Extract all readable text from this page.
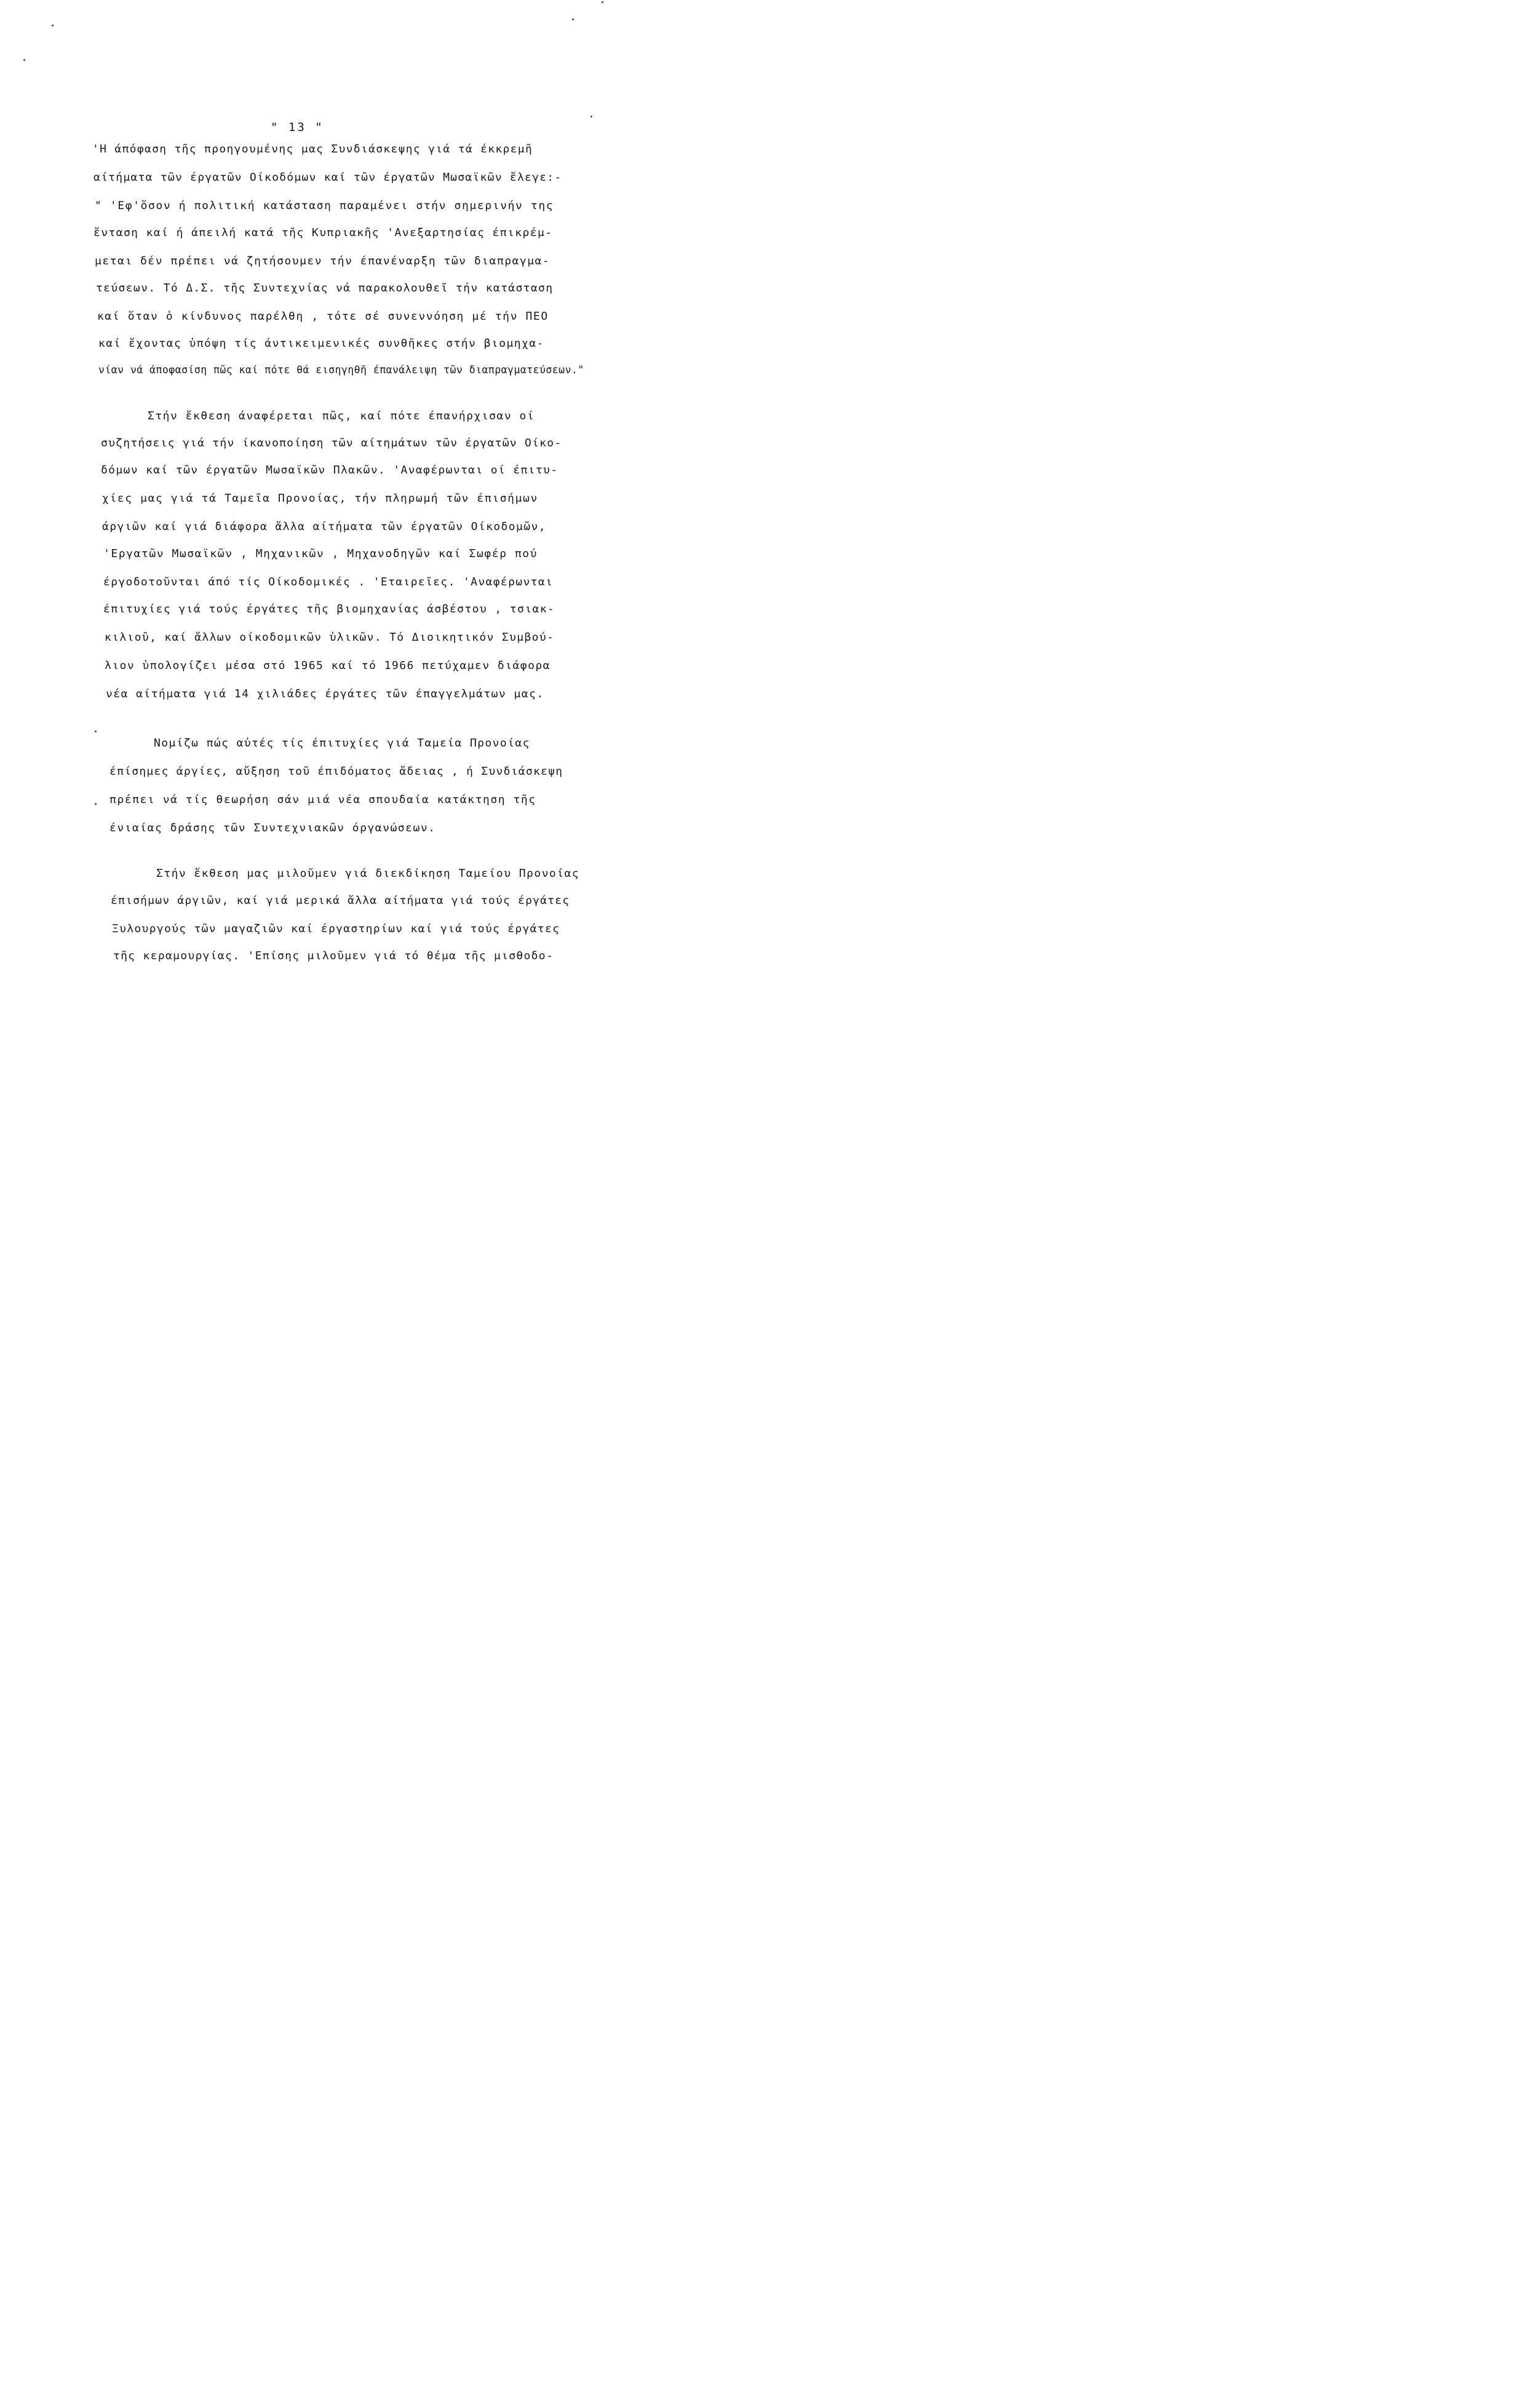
" 13 "
'Η άπόφαση τῆς προηγουμένης μας Συνδιάσκεψης γιά τά έκκρεμῆ
αίτήματα τῶν έργατῶν Οίκοδόμων καί τῶν έργατῶν Μωσαϊκῶν ἔλεγε:-
" 'Εφ'ὄσον ή πολιτική κατάσταση παραμένει στήν σημερινήν της
ἔνταση καί ή άπειλή κατά τῆς Κυπριακῆς 'Ανεξαρτησίας έπικρέμ-
μεται δέν πρέπει νά ζητήσουμεν τήν έπανέναρξη τῶν διαπραγμα-
τεύσεων. Τό Δ.Σ. τῆς Συντεχνίας νά παρακολουθεῖ τήν κατάσταση
καί ὅταν ὁ κίνδυνος παρέλθη , τότε σέ συνεννόηση μέ τήν ΠΕΟ
καί ἔχοντας ὑπόψη τίς άντικειμενικές συνθῆκες στήν βιομηχα-
νίαν νά άποφασίση πῶς καί πότε θά εισηγηθῆ έπανάλειψη τῶν διαπραγματεύσεων."
Στήν ἔκθεση άναφέρεται πῶς, καί πότε έπανήρχισαν οί
συζητήσεις γιά τήν ίκανοποίηση τῶν αίτημάτων τῶν έργατῶν Οίκο-
δόμων καί τῶν έργατῶν Μωσαϊκῶν Πλακῶν. 'Αναφέρωνται οί έπιτυ-
χίες μας γιά τά Ταμεῖα Προνοίας, τήν πληρωμή τῶν έπισήμων
άργιῶν καί γιά διάφορα ἄλλα αίτήματα τῶν έργατῶν Οίκοδομῶν,
'Εργατῶν Μωσαϊκῶν , Μηχανικῶν , Μηχανοδηγῶν καί Σωφέρ πού
έργοδοτοῦνται άπό τίς Οίκοδομικές . 'Εταιρεῖες. 'Αναφέρωνται
έπιτυχίες γιά τούς έργάτες τῆς βιομηχανίας άσβέστου , τσιακ-
κιλιοῦ, καί ἄλλων οίκοδομικῶν ὑλικῶν. Τό Διοικητικόν Συμβού-
λιον ὑπολογίζει μέσα στό 1965 καί τό 1966 πετύχαμεν διάφορα
νέα αίτήματα γιά 14 χιλιάδες έργάτες τῶν έπαγγελμάτων μας.
Νομίζω πώς αὐτές τίς έπιτυχίες γιά Ταμεία Προνοίας
έπίσημες άργίες, αὔξηση τοῦ έπιδόματος ἄδειας , ή Συνδιάσκεψη
πρέπει νά τίς θεωρήση σάν μιά νέα σπουδαία κατάκτηση τῆς
ένιαίας δράσης τῶν Συντεχνιακῶν όργανώσεων.
Στήν ἔκθεση μας μιλοῦμεν γιά διεκδίκηση Ταμείου Προνοίας
έπισήμων άργιῶν, καί γιά μερικά ἄλλα αίτήματα γιά τούς έργάτες
Ξυλουργούς τῶν μαγαζιῶν καί έργαστηρίων καί γιά τούς έργάτες
τῆς κεραμουργίας. 'Επίσης μιλοῦμεν γιά τό θέμα τῆς μισθοδο-
